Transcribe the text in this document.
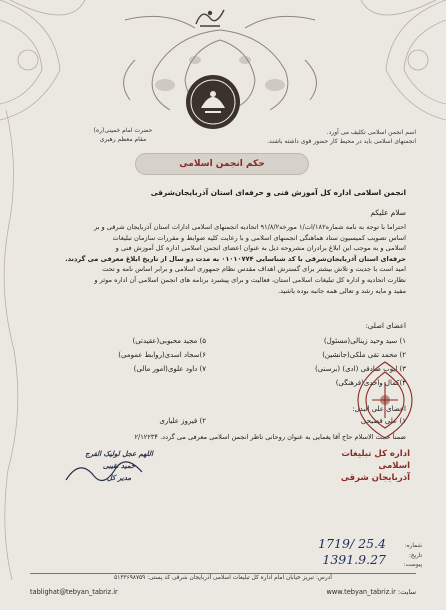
اسم انجمن اسلامی تکلیف می آورد.
انجمنهای اسلامی باید در محیط کار حضور قوی داشته باشند.
حضرت امام خمینی(ره)
مقام معظم رهبری
حکم انجمن اسلامی
انجمن اسلامی اداره کل آموزش فنی و حرفه‌ای استان آذربایجان‌شرقی
سلام علیکم

احتراما با توجه به نامه شماره۱۸۲/ات/۱ مورخه۹۱/۸/۲ اتحادیه انجمنهای اسلامی ادارات استان آذربایجان شرقی و بر

اساس تصویب کمیسیون ستاد هماهنگی انجمنهای اسلامی و با رعایت کلیه ضوابط و مقررات سازمان تبلیغات

اسلامی و به موجب این ابلاغ برادران مشروحه ذیل به عنوان اعضای انجمن اسلامی اداره کل آموزش فنی و

حرفه‌ای استان آذربایجان‌شرقی با کد شناسایی ۰۱۰۱۰۷۷۴ به مدت دو سال از تاریخ ابلاغ معرفی می گردند.

امید است با جدیت و تلاش بیشتر برای گسترش اهداف مقدس نظام جمهوری اسلامی و برابر اساس نامه و تحت

نظارت اتحادیه و اداره کل تبلیغات اسلامی استان، فعالیت و برای پیشبرد برنامه های انجمن اسلامی آن اداره موثر و

مفید و مایه رشد و تعالی همه جانبه بوده باشید.

اعضای اصلی:
۱) سید وحید زینالی(مسئول)
۲) محمد تقی ملکی(جانشین)
۳) ایوب صادقی (ادی) (برسنی)
۴)کمال واحدی(فرهنگی)
۵) مجید محبوبی(عقیدتی)
۶)سجاد اسدی(روابط عمومی)
۷) داود علوی(امور مالی)
اعضای علی البدل:
۱) علی فصیحی
۲) فیروز علیاری
ضمناً حجت الاسلام حاج آقا یغمایی به عنوان روحانی ناظر انجمن اسلامی معرفی می گردد. ۲/۱۲۲۳۴
اللهم عجل لولیک الفرج
حمید نقیبی
مدیر کل
اداره کل تبلیغات اسلامی
آذربایجان شرقی
1719/ 25.4
1391.9.27
شماره:
تاریخ:
پیوست:
آدرس: تبریز خیابان امام اداره کل تبلیغات اسلامی آذربایجان شرقی کد پستی: ۵۱۳۳۶۹۸۷۵۹
tablighat@tebyan_tabriz.ir	سایت: www.tebyan_tabriz.ir
